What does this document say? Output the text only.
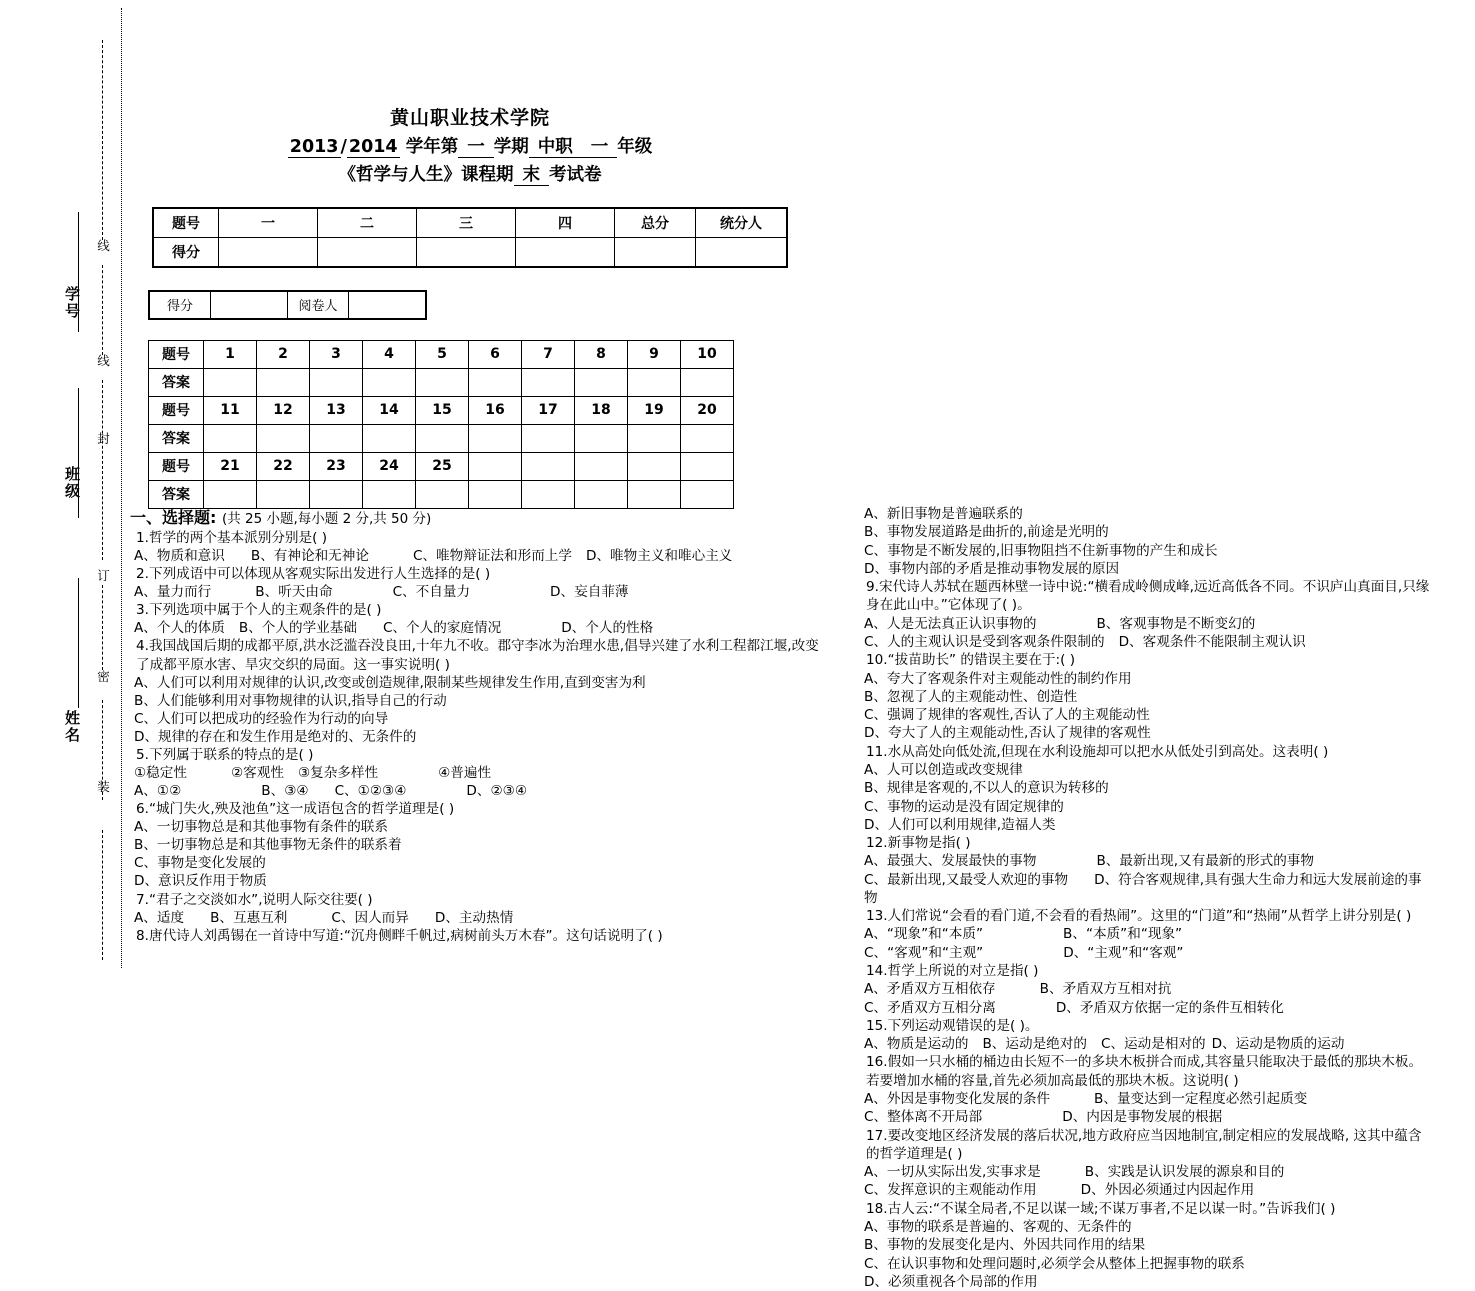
学号
班级
姓名
线
线
封
订
密
装
黄山职业技术学院
2013 / 2014 学年第 一 学期 中职 一 年级
《哲学与人生》课程期 末 考试卷
题号	一	二	三	四	总分	统分人
得分						
得分		阅卷人	
题号	1	2	3	4	5	6	7	8	9	10
答案										
题号	11	12	13	14	15	16	17	18	19	20
答案										
题号	21	22	23	24	25					
答案										
一、选择题: (共 25 小题,每小题 2 分,共 50 分)

1.哲学的两个基本派别分别是( )

A、物质和意识 B、有神论和无神论	C、唯物辩证法和形而上学 D、唯物主义和唯心主义

2.下列成语中可以体现从客观实际出发进行人生选择的是( )

A、量力而行	B、听天由命	C、不自量力	D、妄自菲薄

3.下列选项中属于个人的主观条件的是( )

A、个人的体质 B、个人的学业基础 C、个人的家庭情况	D、个人的性格

4.我国战国后期的成都平原,洪水泛滥吞没良田,十年九不收。郡守李冰为治理水患,倡导兴建了水利工程都江堰,改变了成都平原水害、旱灾交织的局面。这一事实说明( )

A、人们可以利用对规律的认识,改变或创造规律,限制某些规律发生作用,直到变害为利

B、人们能够利用对事物规律的认识,指导自己的行动

C、人们可以把成功的经验作为行动的向导

D、规律的存在和发生作用是绝对的、无条件的

5.下列属于联系的特点的是( )

①稳定性	②客观性 ③复杂多样性	④普遍性

A、①②	B、③④ C、①②③④	D、②③④

6.“城门失火,殃及池鱼”这一成语包含的哲学道理是( )

A、一切事物总是和其他事物有条件的联系

B、一切事物总是和其他事物无条件的联系着

C、事物是变化发展的

D、意识反作用于物质

7.“君子之交淡如水”,说明人际交往要( )

A、适度 B、互惠互利	C、因人而异 D、主动热情

8.唐代诗人刘禹锡在一首诗中写道:“沉舟侧畔千帆过,病树前头万木春”。这句话说明了( )

A、新旧事物是普遍联系的

B、事物发展道路是曲折的,前途是光明的

C、事物是不断发展的,旧事物阻挡不住新事物的产生和成长

D、事物内部的矛盾是推动事物发展的原因

9.宋代诗人苏轼在题西林壁一诗中说:“横看成岭侧成峰,远近高低各不同。不识庐山真面目,只缘身在此山中。”它体现了( )。

A、人是无法真正认识事物的	B、客观事物是不断变幻的

C、人的主观认识是受到客观条件限制的 D、客观条件不能限制主观认识

10.“拔苗助长” 的错误主要在于:( )

A、夸大了客观条件对主观能动性的制约作用

B、忽视了人的主观能动性、创造性

C、强调了规律的客观性,否认了人的主观能动性

D、夸大了人的主观能动性,否认了规律的客观性

11.水从高处向低处流,但现在水利设施却可以把水从低处引到高处。这表明( )

A、人可以创造或改变规律

B、规律是客观的,不以人的意识为转移的

C、事物的运动是没有固定规律的

D、人们可以利用规律,造福人类

12.新事物是指( )

A、最强大、发展最快的事物	B、最新出现,又有最新的形式的事物

C、最新出现,又最受人欢迎的事物 D、符合客观规律,具有强大生命力和远大发展前途的事物

13.人们常说“会看的看门道,不会看的看热闹”。这里的“门道”和“热闹”从哲学上讲分别是( )

A、“现象”和“本质”	B、“本质”和“现象”

C、“客观”和“主观”	D、“主观”和“客观”

14.哲学上所说的对立是指( )

A、矛盾双方互相依存	B、矛盾双方互相对抗

C、矛盾双方互相分离	D、矛盾双方依据一定的条件互相转化

15.下列运动观错误的是( )。

A、物质是运动的 B、运动是绝对的 C、运动是相对的 D、运动是物质的运动

16.假如一只水桶的桶边由长短不一的多块木板拼合而成,其容量只能取决于最低的那块木板。若要增加水桶的容量,首先必须加高最低的那块木板。这说明( )

A、外因是事物变化发展的条件	B、量变达到一定程度必然引起质变

C、整体离不开局部	D、内因是事物发展的根据

17.要改变地区经济发展的落后状况,地方政府应当因地制宜,制定相应的发展战略, 这其中蕴含的哲学道理是( )

A、一切从实际出发,实事求是	B、实践是认识发展的源泉和目的

C、发挥意识的主观能动作用	D、外因必须通过内因起作用

18.古人云:“不谋全局者,不足以谋一域;不谋万事者,不足以谋一时。”告诉我们( )

A、事物的联系是普遍的、客观的、无条件的

B、事物的发展变化是内、外因共同作用的结果

C、在认识事物和处理问题时,必须学会从整体上把握事物的联系

D、必须重视各个局部的作用
